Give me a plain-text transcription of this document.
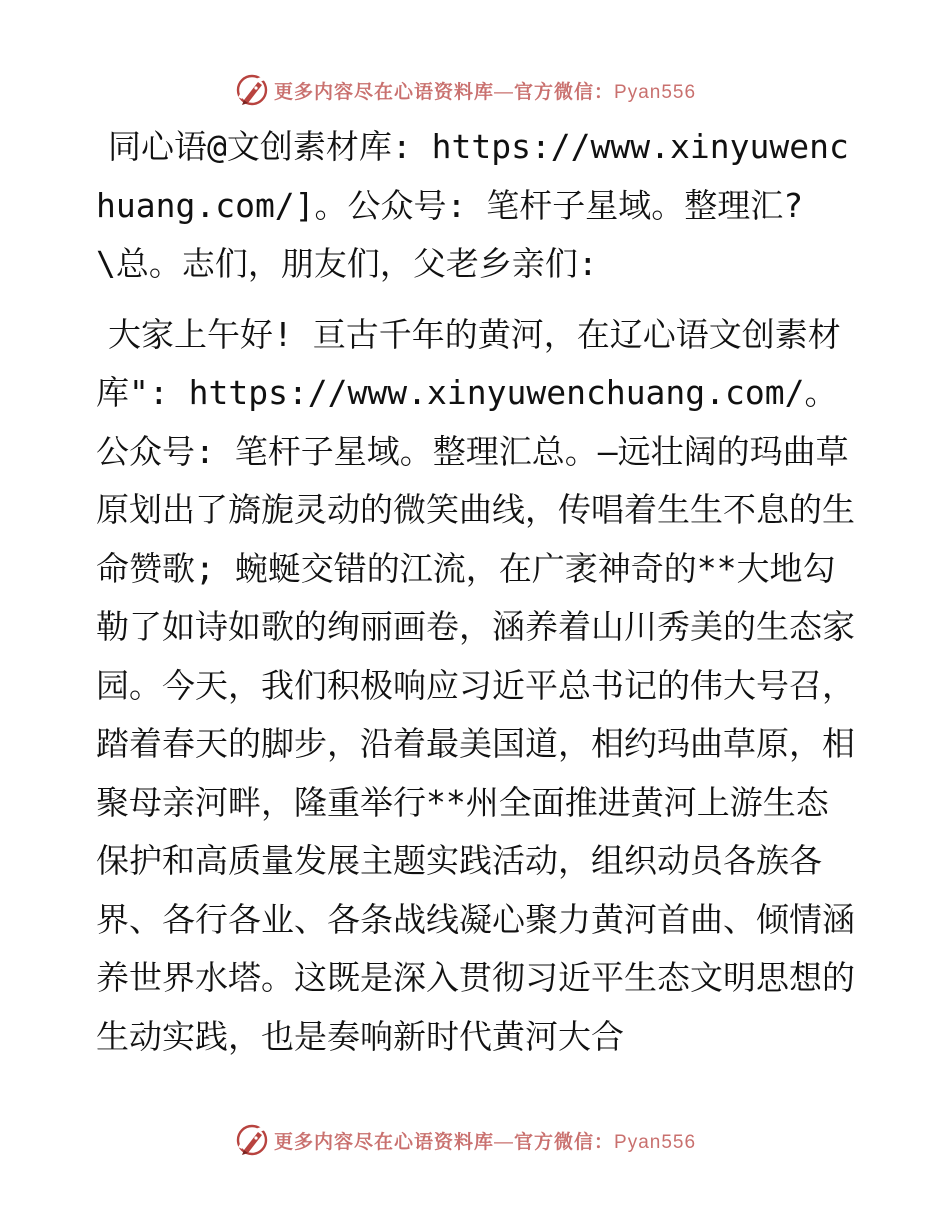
更多内容尽在心语资料库—官方微信：Pyan556

同心语@文创素材库: https://www.xinyuwenchuang.com/]。公众号: 笔杆子星域。整理汇?\总。志们，朋友们，父老乡亲们:

大家上午好! 亘古千年的黄河，在辽心语文创素材库": https://www.xinyuwenchuang.com/。公众号: 笔杆子星域。整理汇总。—远壮阔的玛曲草原划出了旖旎灵动的微笑曲线，传唱着生生不息的生命赞歌; 蜿蜒交错的江流，在广袤神奇的**大地勾勒了如诗如歌的绚丽画卷，涵养着山川秀美的生态家园。今天，我们积极响应习近平总书记的伟大号召，踏着春天的脚步，沿着最美国道，相约玛曲草原，相聚母亲河畔，隆重举行**州全面推进黄河上游生态保护和高质量发展主题实践活动，组织动员各族各界、各行各业、各条战线凝心聚力黄河首曲、倾情涵养世界水塔。这既是深入贯彻习近平生态文明思想的生动实践，也是奏响新时代黄河大合

更多内容尽在心语资料库—官方微信：Pyan556
